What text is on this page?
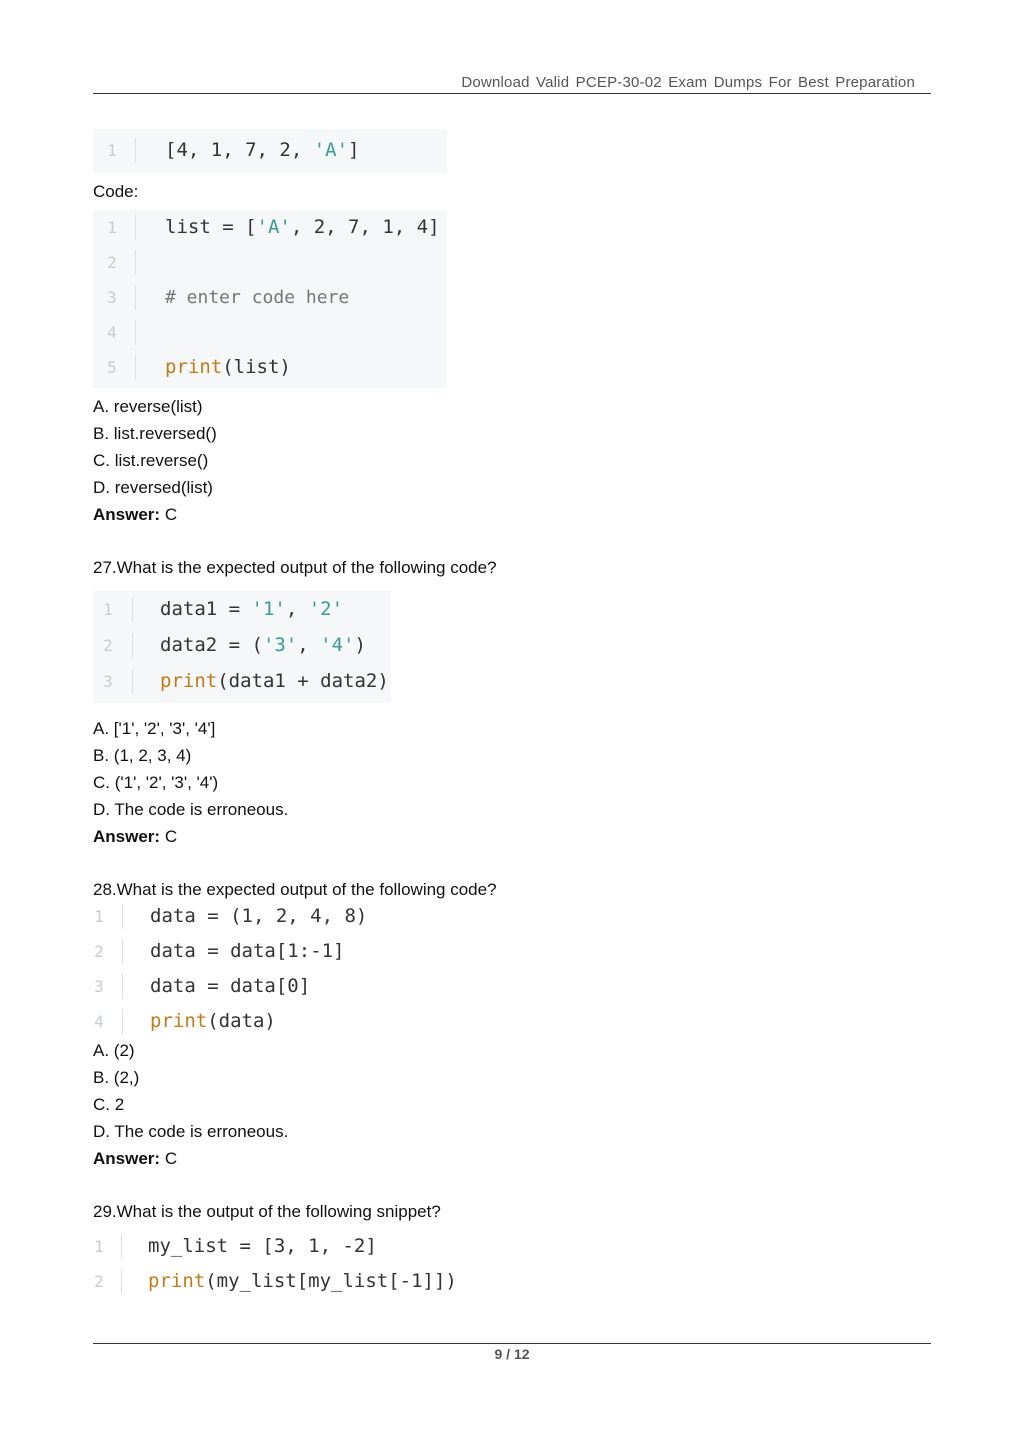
Download Valid PCEP-30-02 Exam Dumps For Best Preparation
1	[4, 1, 7, 2, 'A']
Code:
1	list = ['A', 2, 7, 1, 4]
2
3	# enter code here
4
5	print(list)
A. reverse(list)
B. list.reversed()
C. list.reverse()
D. reversed(list)
Answer: C
27.What is the expected output of the following code?
1	data1 = '1', '2'
2	data2 = ('3', '4')
3	print(data1 + data2)
A. ['1', '2', '3', '4']
B. (1, 2, 3, 4)
C. ('1', '2', '3', '4')
D. The code is erroneous.
Answer: C
28.What is the expected output of the following code?
1 data = (1, 2, 4, 8)
2 data = data[1:-1]
3 data = data[0]
4 print(data)
A. (2)
B. (2,)
C. 2
D. The code is erroneous.
Answer: C
29.What is the output of the following snippet?
1 my_list = [3, 1, -2]
2 print(my_list[my_list[-1]])
9 / 12
